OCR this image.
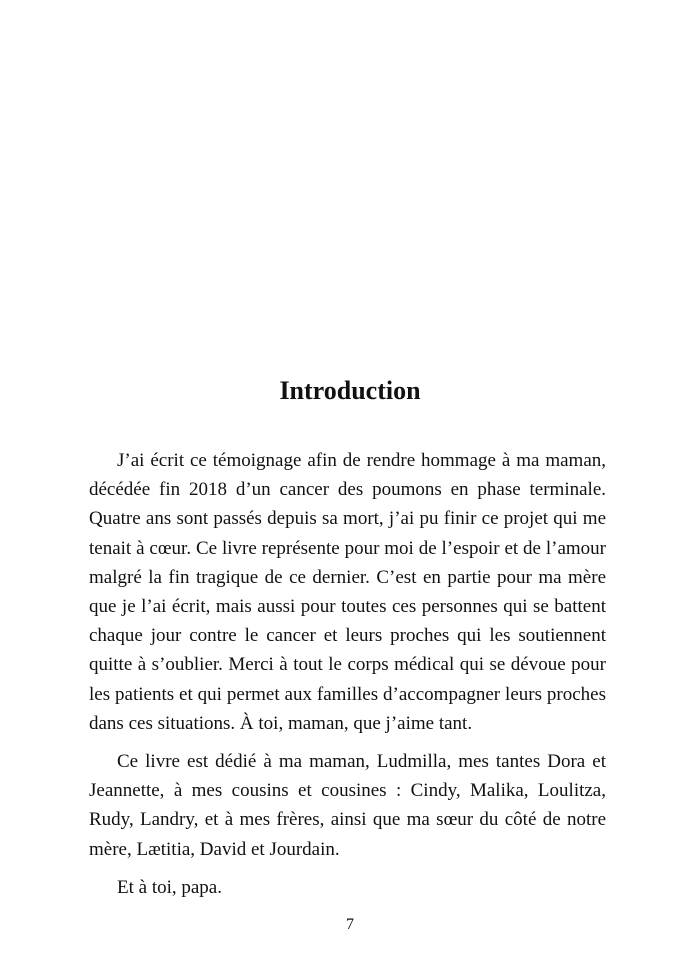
Introduction

J’ai écrit ce témoignage afin de rendre hommage à ma maman, décédée fin 2018 d’un cancer des poumons en phase terminale. Quatre ans sont passés depuis sa mort, j’ai pu finir ce projet qui me tenait à cœur. Ce livre représente pour moi de l’espoir et de l’amour malgré la fin tragique de ce dernier. C’est en partie pour ma mère que je l’ai écrit, mais aussi pour toutes ces personnes qui se battent chaque jour contre le cancer et leurs proches qui les soutiennent quitte à s’oublier. Merci à tout le corps médical qui se dévoue pour les patients et qui permet aux familles d’accompagner leurs proches dans ces situations. À toi, maman, que j’aime tant.

Ce livre est dédié à ma maman, Ludmilla, mes tantes Dora et Jeannette, à mes cousins et cousines : Cindy, Malika, Loulitza, Rudy, Landry, et à mes frères, ainsi que ma sœur du côté de notre mère, Lætitia, David et Jourdain.

Et à toi, papa.

7
